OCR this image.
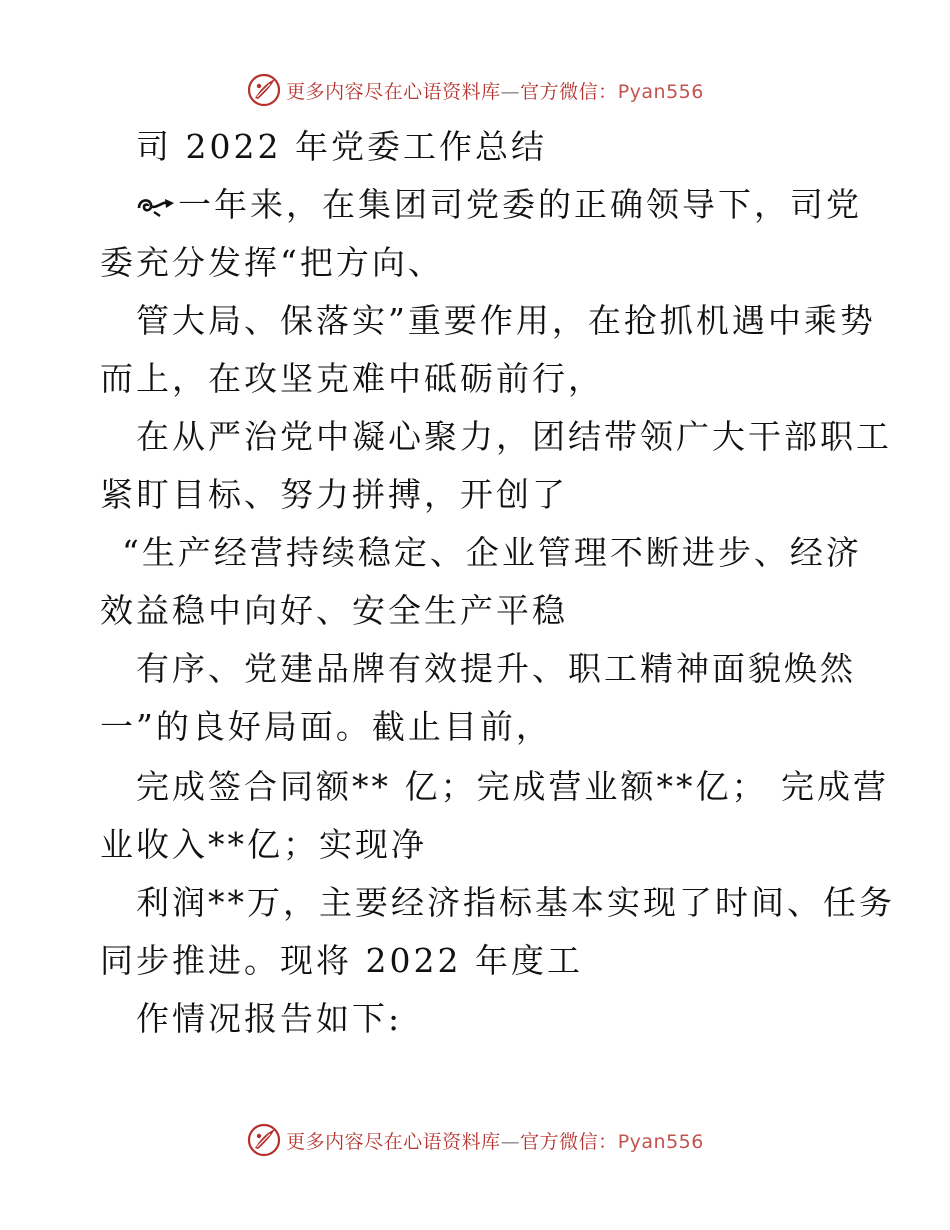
更多内容尽在心语资料库—官方微信：Pyan556
司 2022 年党委工作总结
一年来，在集团司党委的正确领导下，司党
委充分发挥“把方向、
管大局、保落实”重要作用，在抢抓机遇中乘势
而上，在攻坚克难中砥砺前行，
在从严治党中凝心聚力，团结带领广大干部职工
紧盯目标、努力拼搏，开创了
“生产经营持续稳定、企业管理不断进步、经济
效益稳中向好、安全生产平稳
有序、党建品牌有效提升、职工精神面貌焕然
一”的良好局面。截止目前，
完成签合同额** 亿；完成营业额**亿； 完成营
业收入**亿；实现净
利润**万，主要经济指标基本实现了时间、任务
同步推进。现将 2022 年度工
作情况报告如下:
更多内容尽在心语资料库—官方微信：Pyan556
